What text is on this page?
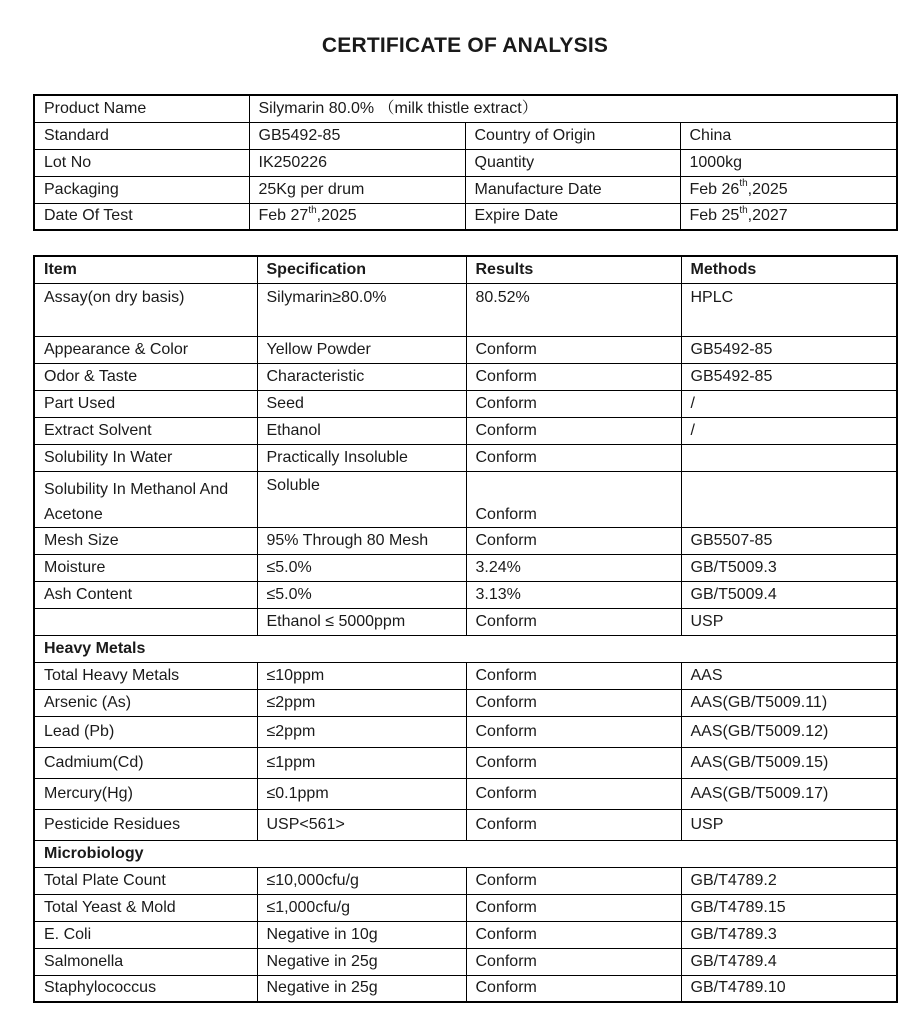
CERTIFICATE OF ANALYSIS
Product Name	Silymarin 80.0% （milk thistle extract）		
Standard	GB5492-85	Country of Origin	China
Lot No	IK250226	Quantity	1000kg
Packaging	25Kg per drum	Manufacture Date	Feb 26th,2025
Date Of Test	Feb 27th,2025	Expire Date	Feb 25th,2027
Item	Specification	Results	Methods
Assay(on dry basis)	Silymarin≥80.0%	80.52%	HPLC
Appearance & Color	Yellow Powder	Conform	GB5492-85
Odor & Taste	Characteristic	Conform	GB5492-85
Part Used	Seed	Conform	/
Extract Solvent	Ethanol	Conform	/
Solubility In Water	Practically Insoluble	Conform	
Solubility In Methanol And Acetone	Soluble	Conform	
Mesh Size	95% Through 80 Mesh	Conform	GB5507-85
Moisture	≤5.0%	3.24%	GB/T5009.3
Ash Content	≤5.0%	3.13%	GB/T5009.4
	Ethanol ≤ 5000ppm	Conform	USP
Heavy Metals			
Total Heavy Metals	≤10ppm	Conform	AAS
Arsenic (As)	≤2ppm	Conform	AAS(GB/T5009.11)
Lead (Pb)	≤2ppm	Conform	AAS(GB/T5009.12)
Cadmium(Cd)	≤1ppm	Conform	AAS(GB/T5009.15)
Mercury(Hg)	≤0.1ppm	Conform	AAS(GB/T5009.17)
Pesticide Residues	USP<561>	Conform	USP
Microbiology			
Total Plate Count	≤10,000cfu/g	Conform	GB/T4789.2
Total Yeast & Mold	≤1,000cfu/g	Conform	GB/T4789.15
E. Coli	Negative in 10g	Conform	GB/T4789.3
Salmonella	Negative in 25g	Conform	GB/T4789.4
Staphylococcus	Negative in 25g	Conform	GB/T4789.10
